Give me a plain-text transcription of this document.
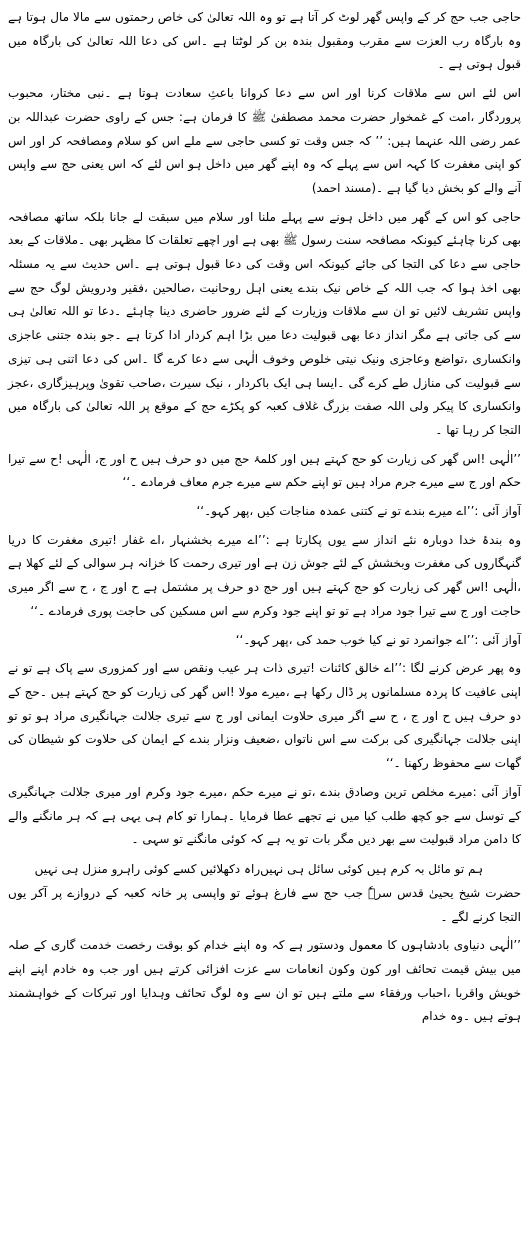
حاجی جب حج کر کے واپس گھر لوٹ کر آتا ہے تو وہ اللہ تعالیٰ کی خاص رحمتوں سے مالا مال ہوتا ہے وہ بارگاہ رب العزت سے مقرب ومقبول بندہ بن کر لوٹتا ہے ۔اس کی دعا اللہ تعالیٰ کی بارگاہ میں قبول ہوتی ہے ۔

اس لئے اس سے ملاقات کرنا اور اس سے دعا کروانا باعثِ سعادت ہوتا ہے ۔نبی مختار، محبوب پروردگار ،امت کے غمخوار حضرت محمد مصطفیٰ ﷺ کا فرمان ہے: جس کے راوی حضرت عبداللہ بن عمر رضی اللہ عنہما ہیں: ’’ کہ جس وقت تو کسی حاجی سے ملے اس کو سلام ومصافحہ کر اور اس کو اپنی مغفرت کا کہہ اس سے پہلے کہ وہ اپنے گھر میں داخل ہو اس لئے کہ اس یعنی حج سے واپس آنے والے کو بخش دیا گیا ہے ۔(مسند احمد)

حاجی کو اس کے گھر میں داخل ہونے سے پہلے ملنا اور سلام میں سبقت لے جانا بلکہ ساتھ مصافحہ بھی کرنا چاہئے کیونکہ مصافحہ سنت رسول ﷺ بھی ہے اور اچھے تعلقات کا مظہر بھی ۔ملاقات کے بعد حاجی سے دعا کی التجا کی جائے کیونکہ اس وقت کی دعا قبول ہوتی ہے ۔اس حدیث سے یہ مسئلہ بھی اخذ ہوا کہ جب اللہ کے خاص نیک بندے یعنی اہل روحانیت ،صالحین ،فقیر ودرویش لوگ حج سے واپس تشریف لائیں تو ان سے ملاقات وزیارت کے لئے ضرور حاضری دینا چاہئے ۔دعا تو اللہ تعالیٰ ہی سے کی جاتی ہے مگر انداز دعا بھی قبولیت دعا میں بڑا اہم کردار ادا کرتا ہے ۔جو بندہ جتنی عاجزی وانکساری ،تواضع وعاجزی ونیک نیتی خلوص وخوف الٰہی سے دعا کرے گا ۔اس کی دعا اتنی ہی تیزی سے قبولیت کی منازل طے کرے گی ۔ایسا ہی ایک باکردار ، نیک سیرت ،صاحب تقویٰ وپرہیزگاری ،عجز وانکساری کا پیکر ولی اللہ صفت بزرگ غلاف کعبہ کو پکڑے حج کے موقع پر اللہ تعالیٰ کی بارگاہ میں التجا کر رہا تھا ۔

’’الٰہی !اس گھر کی زیارت کو حج کہتے ہیں اور کلمۂ حج میں دو حرف ہیں ح اور ج، الٰہی !ح سے تیرا حکم اور ج سے میرے جرم مراد ہیں تو اپنے حکم سے میرے جرم معاف فرمادے ۔‘‘

آواز آئی :’’اے میرے بندے تو نے کتنی عمدہ مناجات کیں ،پھر کہو۔‘‘

وہ بندۂ خدا دوبارہ نئے انداز سے یوں پکارتا ہے :’’اے میرے بخشنہار ،اے غفار !تیری مغفرت کا دریا گنہگاروں کی مغفرت وبخشش کے لئے جوش زن ہے اور تیری رحمت کا خزانہ ہر سوالی کے لئے کھلا ہے ،الٰہی !اس گھر کی زیارت کو حج کہتے ہیں اور حج دو حرف پر مشتمل ہے ح اور ج ، ح سے اگر میری حاجت اور ج سے تیرا جود مراد ہے تو تو اپنے جود وکرم سے اس مسکین کی حاجت پوری فرمادے ۔‘‘

آواز آئی :’’اے جوانمرد تو نے کیا خوب حمد کی ،پھر کہو۔‘‘

وہ پھر عرض کرنے لگا :’’اے خالق کائنات !تیری ذات ہر عیب ونقص سے اور کمزوری سے پاک ہے تو نے اپنی عافیت کا پردہ مسلمانوں پر ڈال رکھا ہے ،میرے مولا !اس گھر کی زیارت کو حج کہتے ہیں ۔حج کے دو حرف ہیں ح اور ج ، ح سے اگر میری حلاوت ایمانی اور ج سے تیری جلالت جہانگیری مراد ہو تو تو اپنی جلالت جہانگیری کی برکت سے اس ناتواں ،ضعیف ونزار بندے کے ایمان کی حلاوت کو شیطان کی گھات سے محفوظ رکھنا ۔‘‘

آواز آئی :میرے مخلص ترین وصادق بندے ،تو نے میرے حکم ،میرے جود وکرم اور میری جلالت جہانگیری کے توسل سے جو کچھ طلب کیا میں نے تجھے عطا فرمایا ۔ہمارا تو کام ہی یہی ہے کہ ہر مانگنے والے کا دامن مراد قبولیت سے بھر دیں مگر بات تو یہ ہے کہ کوئی مانگنے تو سہی ۔

ہم تو مائل بہ کرم ہیں کوئی سائل ہی نہیں
راہ دکھلائیں کسے کوئی راہرو منزل ہی نہیں

حضرت شیخ یحییٰ قدس سرہٗ جب حج سے فارغ ہوئے تو واپسی پر خانہ کعبہ کے دروازے پر آکر یوں التجا کرنے لگے ۔

’’الٰہی دنیاوی بادشاہوں کا معمول ودستور ہے کہ وہ اپنے خدام کو بوقت رخصت خدمت گاری کے صلہ میں بیش قیمت تحائف اور کون وکون انعامات سے عزت افزائی کرتے ہیں اور جب وہ خادم اپنے اپنے خویش واقربا ،احباب ورفقاء سے ملتے ہیں تو ان سے وہ لوگ تحائف وہدایا اور تبرکات کے خواہشمند ہوتے ہیں ۔وہ خدام
